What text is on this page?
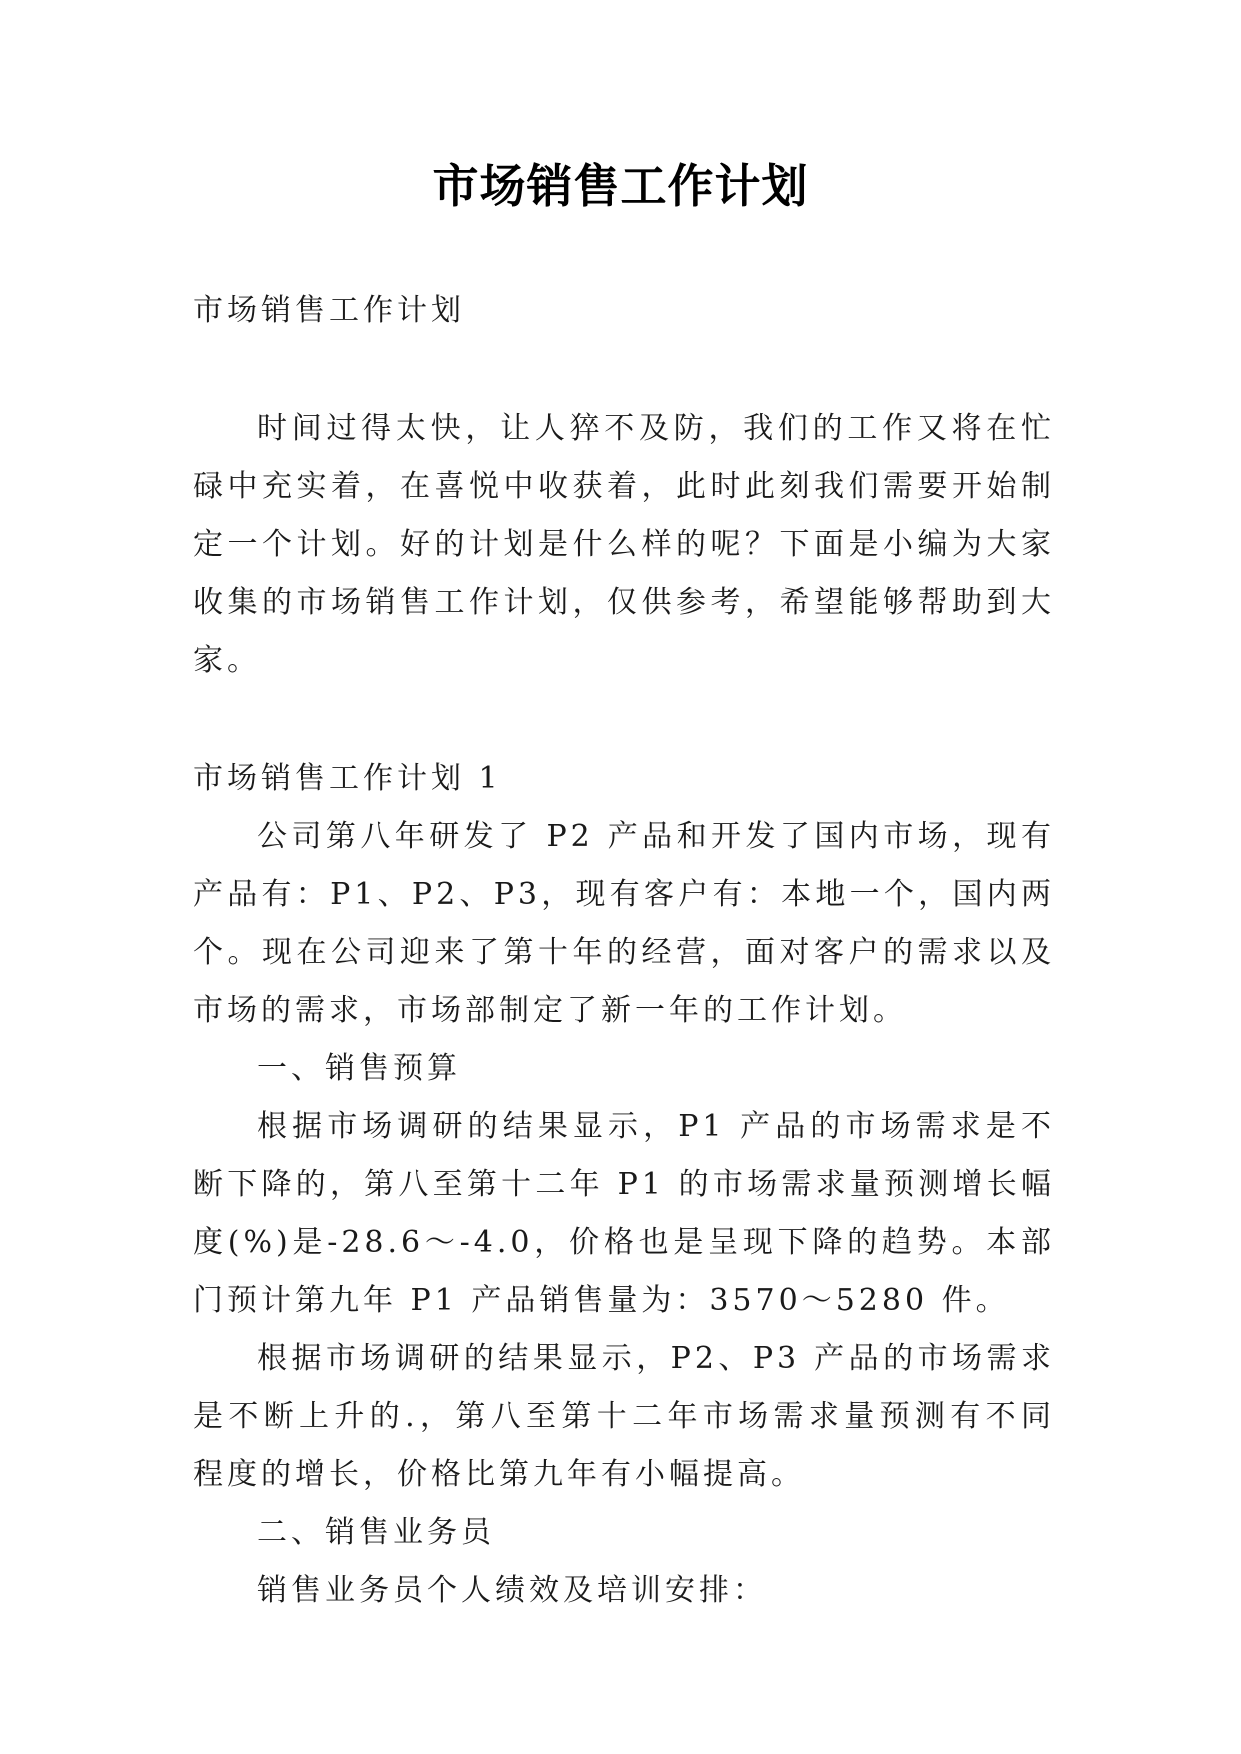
市场销售工作计划

市场销售工作计划

时间过得太快，让人猝不及防，我们的工作又将在忙碌中充实着，在喜悦中收获着，此时此刻我们需要开始制定一个计划。好的计划是什么样的呢？下面是小编为大家收集的市场销售工作计划，仅供参考，希望能够帮助到大家。

市场销售工作计划 1

公司第八年研发了 P2 产品和开发了国内市场，现有产品有：P1、P2、P3，现有客户有：本地一个，国内两个。现在公司迎来了第十年的经营，面对客户的需求以及市场的需求，市场部制定了新一年的工作计划。

一、销售预算

根据市场调研的结果显示，P1 产品的市场需求是不断下降的，第八至第十二年 P1 的市场需求量预测增长幅度(%)是-28.6～-4.0，价格也是呈现下降的趋势。本部门预计第九年 P1 产品销售量为：3570～5280 件。

根据市场调研的结果显示，P2、P3 产品的市场需求是不断上升的.，第八至第十二年市场需求量预测有不同程度的增长，价格比第九年有小幅提高。

二、销售业务员

销售业务员个人绩效及培训安排：
